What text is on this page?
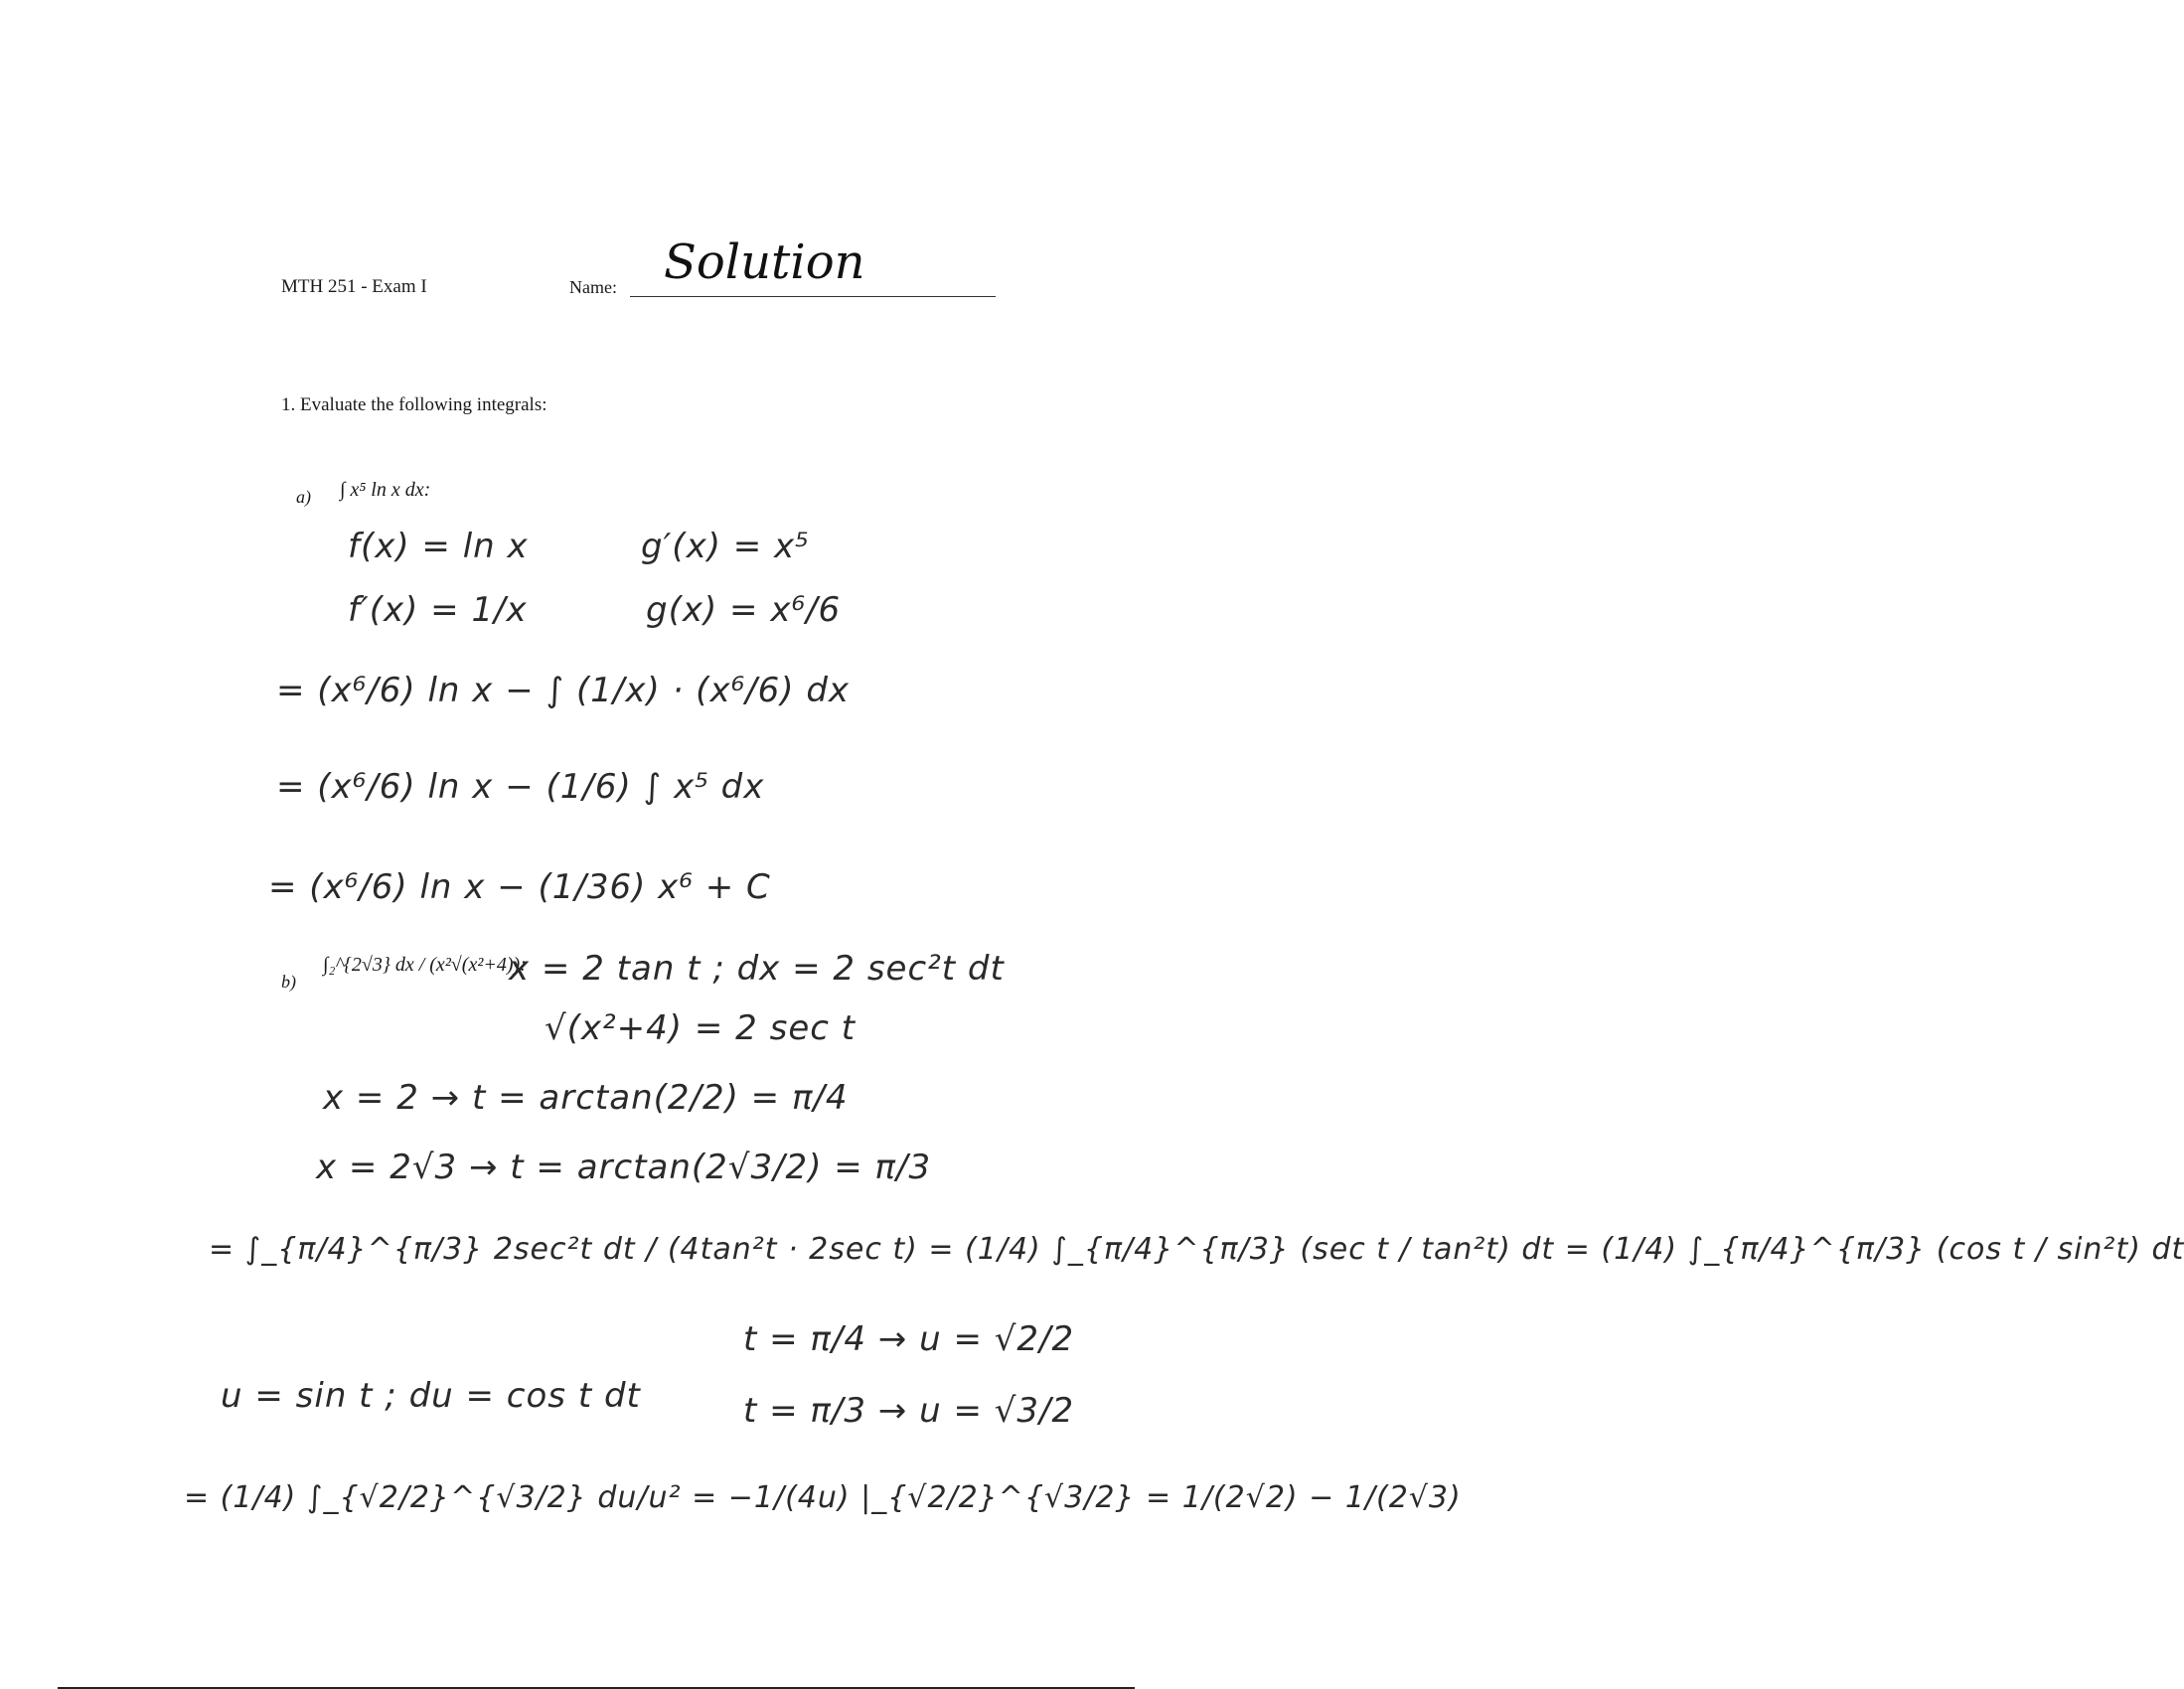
MTH 251 - Exam I	Name: Solution
1. Evaluate the following integrals:
a) ∫ x⁵ ln x dx:
f(x) = ln x	g′(x) = x⁵
f′(x) = 1/x	g(x) = x⁶/6
= (x⁶/6) ln x − ∫ (1/x) · (x⁶/6) dx
= (x⁶/6) ln x − (1/6) ∫ x⁵ dx
= (x⁶/6) ln x − (1/36) x⁶ + C
b)
∫₂^{2√3} dx / (x²√(x²+4)):
x = 2 tan t ; dx = 2 sec²t dt
√(x²+4) = 2 sec t
x = 2 → t = arctan(2/2) = π/4
x = 2√3 → t = arctan(2√3/2) = π/3
= ∫_{π/4}^{π/3} 2sec²t dt / (4tan²t · 2sec t) = (1/4) ∫_{π/4}^{π/3} (sec t / tan²t) dt = (1/4) ∫_{π/4}^{π/3} (cos t / sin²t) dt
t = π/4 → u = √2/2
u = sin t ; du = cos t dt	t = π/3 → u = √3/2
= (1/4) ∫_{√2/2}^{√3/2} du/u² = −1/(4u) |_{√2/2}^{√3/2} = 1/(2√2) − 1/(2√3)
